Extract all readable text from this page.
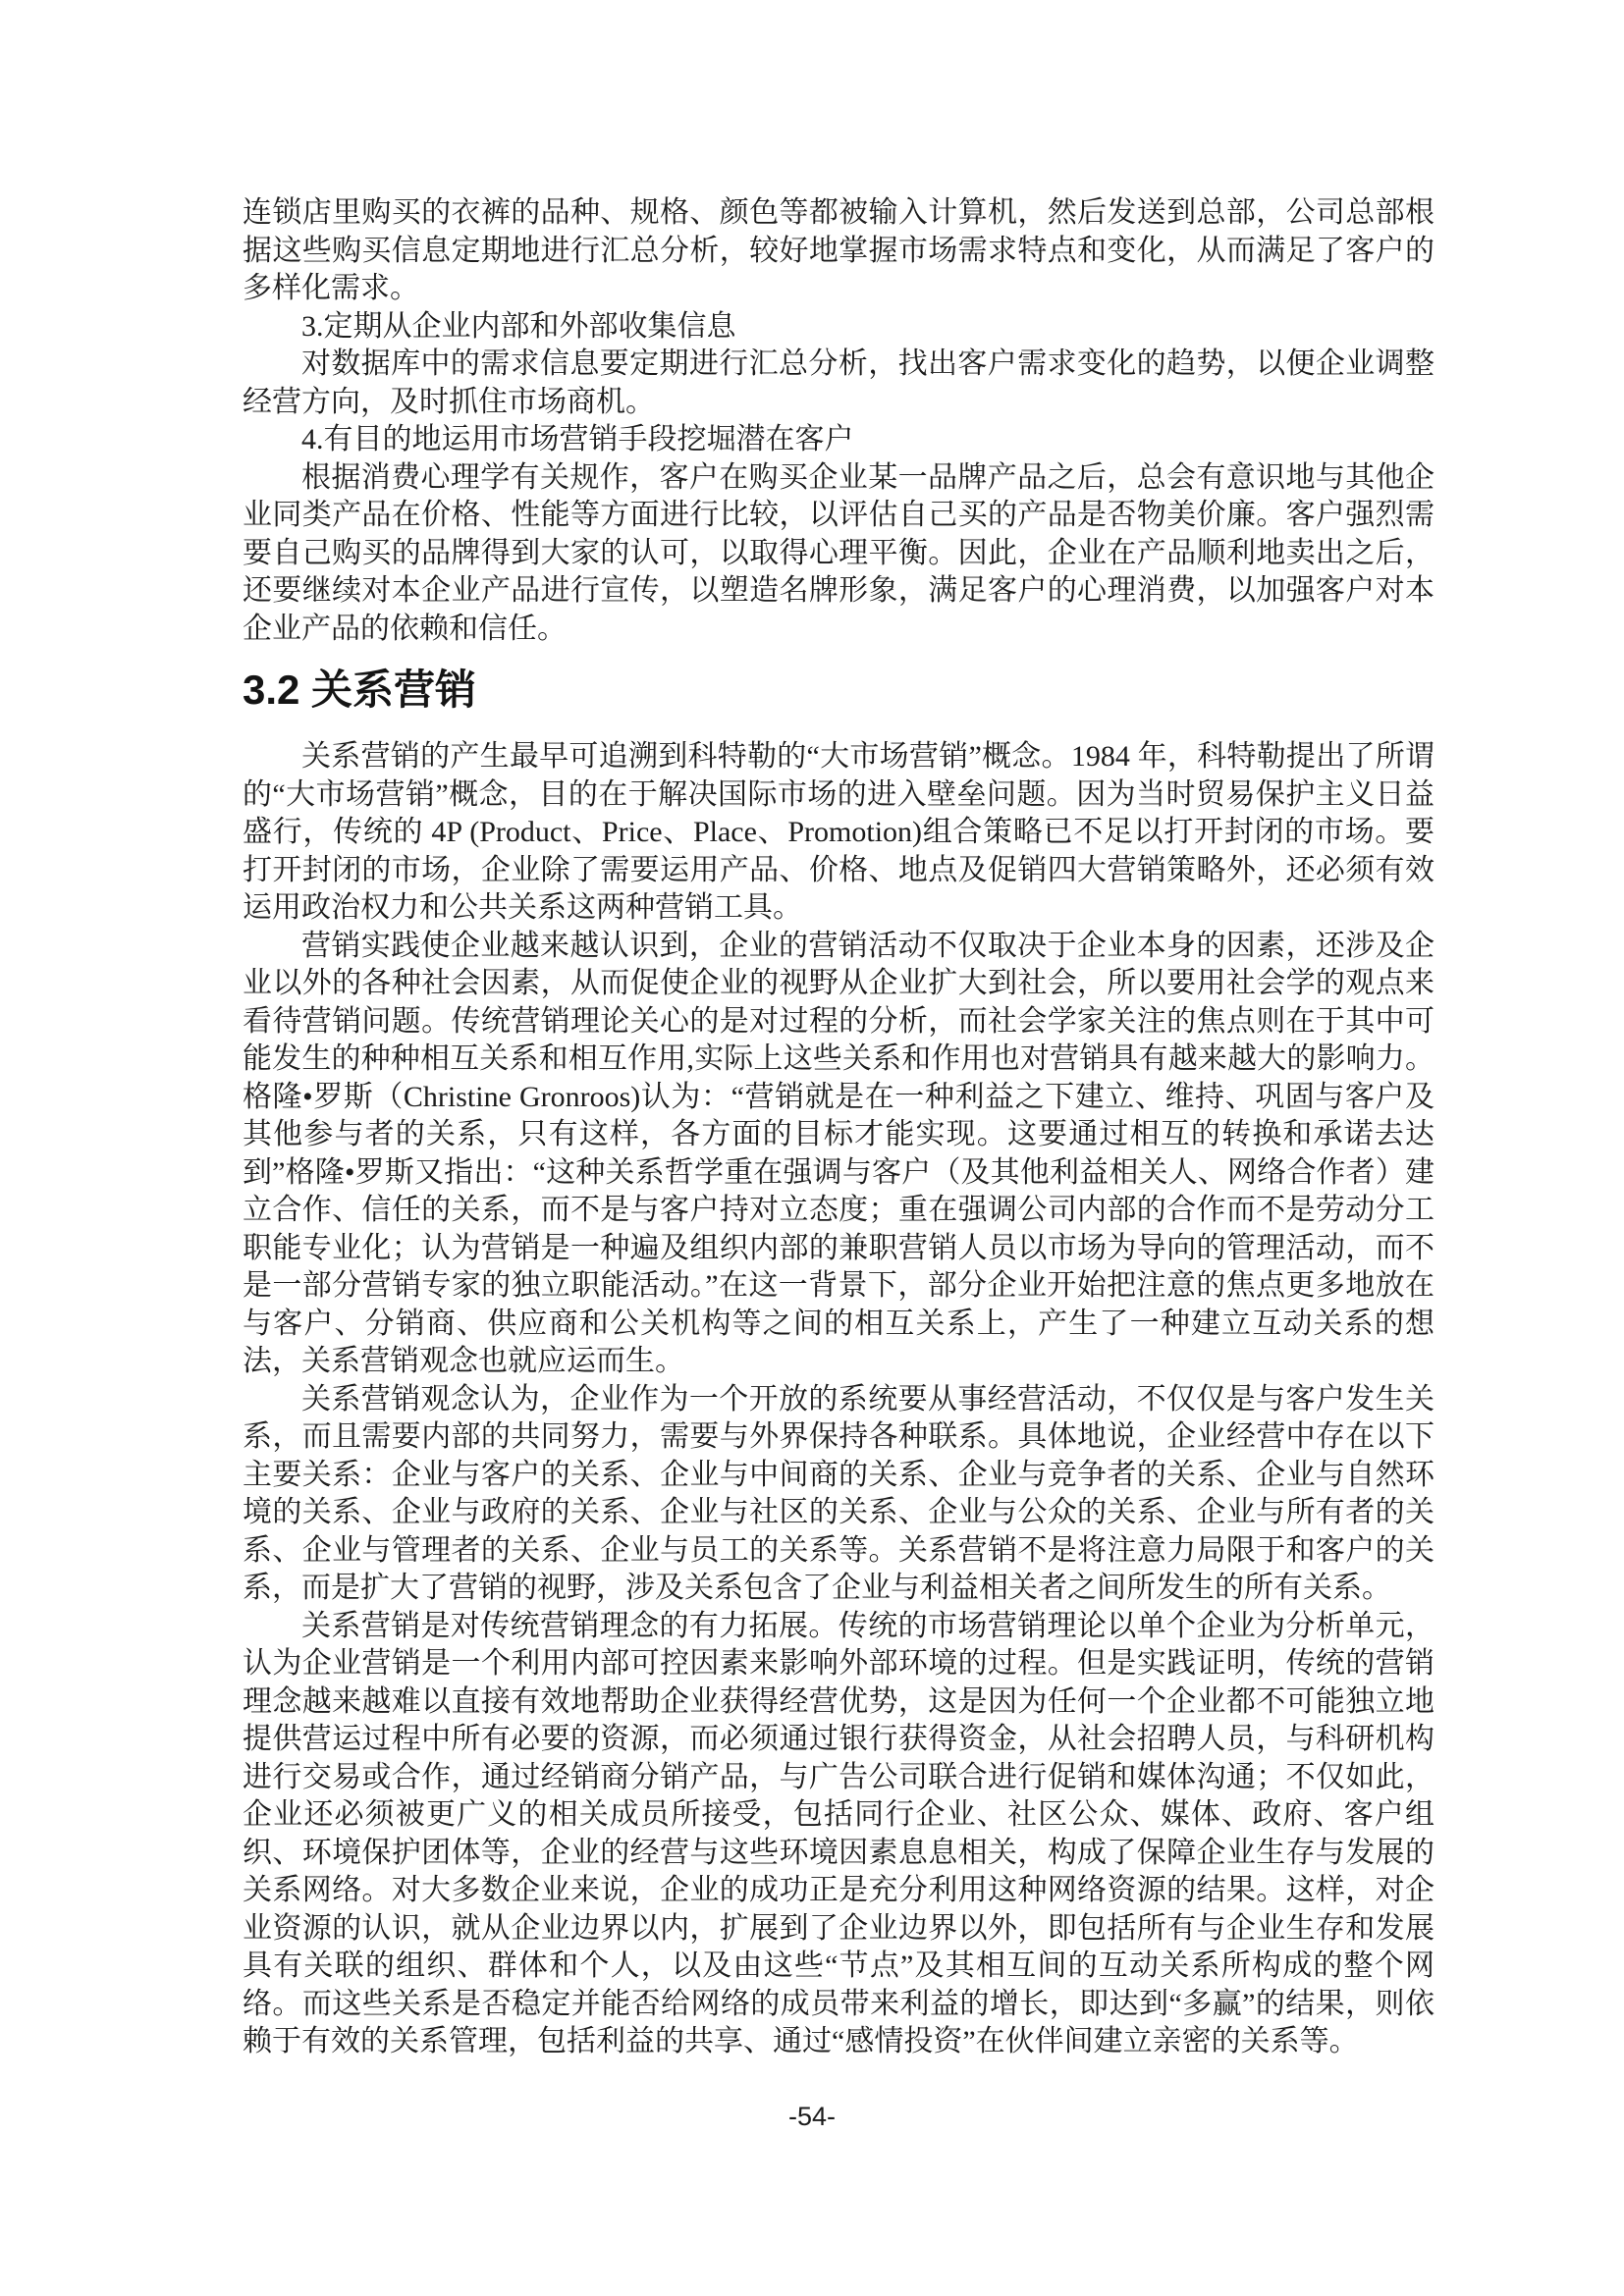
连锁店里购买的衣裤的品种、规格、颜色等都被输入计算机，然后发送到总部，公司总部根据这些购买信息定期地进行汇总分析，较好地掌握市场需求特点和变化，从而满足了客户的多样化需求。

3.定期从企业内部和外部收集信息

对数据库中的需求信息要定期进行汇总分析，找出客户需求变化的趋势，以便企业调整经营方向，及时抓住市场商机。

4.有目的地运用市场营销手段挖堀潜在客户

根据消费心理学有关规作，客户在购买企业某一品牌产品之后，总会有意识地与其他企业同类产品在价格、性能等方面进行比较，以评估自己买的产品是否物美价廉。客户强烈需要自己购买的品牌得到大家的认可，以取得心理平衡。因此，企业在产品顺利地卖出之后，还要继续对本企业产品进行宣传，以塑造名牌形象，满足客户的心理消费，以加强客户对本企业产品的依赖和信任。

3.2 关系营销

关系营销的产生最早可追溯到科特勒的“大市场营销”概念。1984 年，科特勒提出了所谓的“大市场营销”概念，目的在于解决国际市场的进入壁垒问题。因为当时贸易保护主义日益盛行，传统的 4P (Product、Price、Place、Promotion)组合策略已不足以打开封闭的市场。要打开封闭的市场，企业除了需要运用产品、价格、地点及促销四大营销策略外，还必须有效运用政治权力和公共关系这两种营销工具。

营销实践使企业越来越认识到，企业的营销活动不仅取决于企业本身的因素，还涉及企业以外的各种社会因素，从而促使企业的视野从企业扩大到社会，所以要用社会学的观点来看待营销问题。传统营销理论关心的是对过程的分析，而社会学家关注的焦点则在于其中可能发生的种种相互关系和相互作用,实际上这些关系和作用也对营销具有越来越大的影响力。格隆•罗斯（Christine Gronroos)认为：“营销就是在一种利益之下建立、维持、巩固与客户及其他参与者的关系，只有这样，各方面的目标才能实现。这要通过相互的转换和承诺去达到”格隆•罗斯又指出：“这种关系哲学重在强调与客户（及其他利益相关人、网络合作者）建立合作、信任的关系，而不是与客户持对立态度；重在强调公司内部的合作而不是劳动分工职能专业化；认为营销是一种遍及组织内部的兼职营销人员以市场为导向的管理活动，而不是一部分营销专家的独立职能活动。”在这一背景下，部分企业开始把注意的焦点更多地放在与客户、分销商、供应商和公关机构等之间的相互关系上，产生了一种建立互动关系的想法，关系营销观念也就应运而生。

关系营销观念认为，企业作为一个开放的系统要从事经营活动，不仅仅是与客户发生关系，而且需要内部的共同努力，需要与外界保持各种联系。具体地说，企业经营中存在以下主要关系：企业与客户的关系、企业与中间商的关系、企业与竞争者的关系、企业与自然环境的关系、企业与政府的关系、企业与社区的关系、企业与公众的关系、企业与所有者的关系、企业与管理者的关系、企业与员工的关系等。关系营销不是将注意力局限于和客户的关系，而是扩大了营销的视野，涉及关系包含了企业与利益相关者之间所发生的所有关系。

关系营销是对传统营销理念的有力拓展。传统的市场营销理论以单个企业为分析单元，认为企业营销是一个利用内部可控因素来影响外部环境的过程。但是实践证明，传统的营销理念越来越难以直接有效地帮助企业获得经营优势，这是因为任何一个企业都不可能独立地提供营运过程中所有必要的资源，而必须通过银行获得资金，从社会招聘人员，与科研机构进行交易或合作，通过经销商分销产品，与广告公司联合进行促销和媒体沟通；不仅如此，企业还必须被更广义的相关成员所接受，包括同行企业、社区公众、媒体、政府、客户组织、环境保护团体等，企业的经营与这些环境因素息息相关，构成了保障企业生存与发展的关系网络。对大多数企业来说，企业的成功正是充分利用这种网络资源的结果。这样，对企业资源的认识，就从企业边界以内，扩展到了企业边界以外，即包括所有与企业生存和发展具有关联的组织、群体和个人，以及由这些“节点”及其相互间的互动关系所构成的整个网络。而这些关系是否稳定并能否给网络的成员带来利益的增长，即达到“多赢”的结果，则依赖于有效的关系管理，包括利益的共享、通过“感情投资”在伙伴间建立亲密的关系等。

-54-
